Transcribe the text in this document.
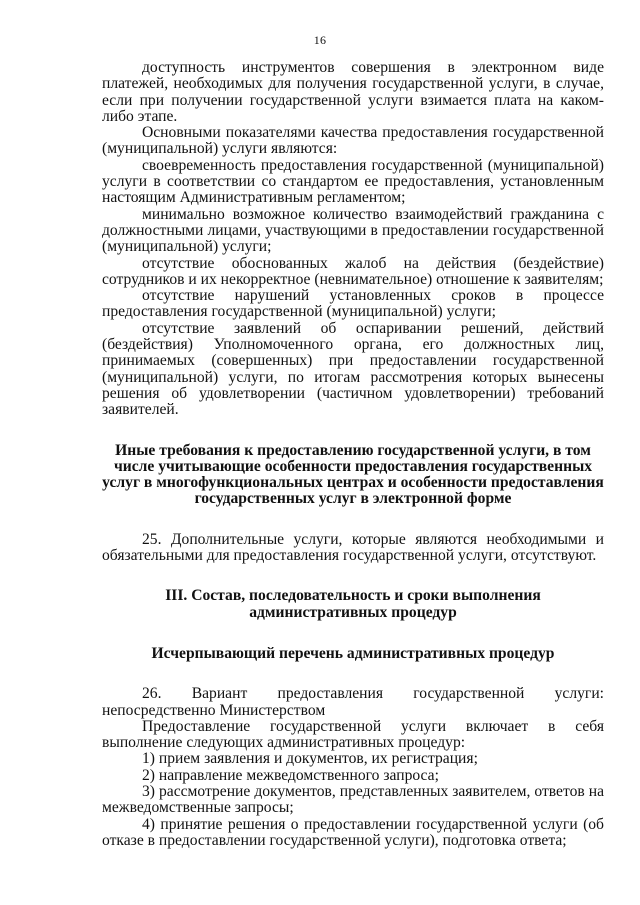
16

доступность инструментов совершения в электронном виде платежей, необходимых для получения государственной услуги, в случае, если при получении государственной услуги взимается плата на каком-либо этапе.

Основными показателями качества предоставления государственной (муниципальной) услуги являются:

своевременность предоставления государственной (муниципальной) услуги в соответствии со стандартом ее предоставления, установленным настоящим Административным регламентом;

минимально возможное количество взаимодействий гражданина с должностными лицами, участвующими в предоставлении государственной (муниципальной) услуги;

отсутствие обоснованных жалоб на действия (бездействие) сотрудников и их некорректное (невнимательное) отношение к заявителям;

отсутствие нарушений установленных сроков в процессе предоставления государственной (муниципальной) услуги;

отсутствие заявлений об оспаривании решений, действий (бездействия) Уполномоченного органа, его должностных лиц, принимаемых (совершенных) при предоставлении государственной (муниципальной) услуги, по итогам рассмотрения которых вынесены решения об удовлетворении (частичном удовлетворении) требований заявителей.

Иные требования к предоставлению государственной услуги, в том
числе учитывающие особенности предоставления государственных
услуг в многофункциональных центрах и особенности предоставления
государственных услуг в электронной форме

25. Дополнительные услуги, которые являются необходимыми и обязательными для предоставления государственной услуги, отсутствуют.

III. Состав, последовательность и сроки выполнения
административных процедур

Исчерпывающий перечень административных процедур

26. Вариант предоставления государственной услуги: непосредственно Министерством

Предоставление государственной услуги включает в себя выполнение следующих административных процедур:

1) прием заявления и документов, их регистрация;

2) направление межведомственного запроса;

3) рассмотрение документов, представленных заявителем, ответов на межведомственные запросы;

4) принятие решения о предоставлении государственной услуги (об отказе в предоставлении государственной услуги), подготовка ответа;
